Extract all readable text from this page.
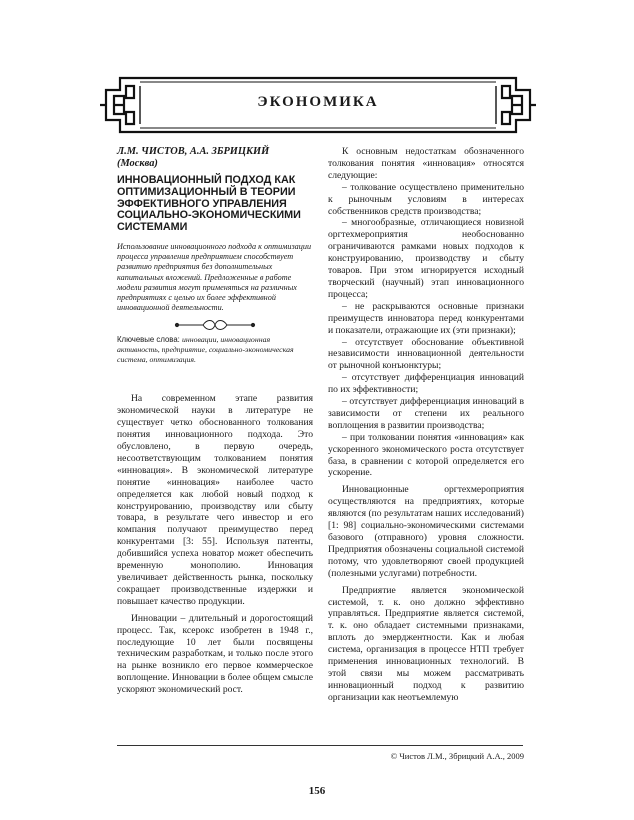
ЭКОНОМИКА
Л.М. ЧИСТОВ, А.А. ЗБРИЦКИЙ
(Москва)
ИННОВАЦИОННЫЙ ПОДХОД КАК ОПТИМИЗАЦИОННЫЙ В ТЕОРИИ ЭФФЕКТИВНОГО УПРАВЛЕНИЯ СОЦИАЛЬНО-ЭКОНОМИЧЕСКИМИ СИСТЕМАМИ
Использование инновационного подхода к оптимизации процесса управления предприятием способствует развитию предприятия без дополнительных капитальных вложений. Предложенные в работе модели развития могут применяться на различных предприятиях с целью их более эффективной инновационной деятельности.
Ключевые слова: инновации, инновационная активность, предприятие, социально-экономическая система, оптимизация.

На современном этапе развития экономической науки в литературе не существует четко обоснованного толкования понятия инновационного подхода. Это обусловлено, в первую очередь, несоответствующим толкованием понятия «инновация». В экономической литературе понятие «инновация» наиболее часто определяется как любой новый подход к конструированию, производству или сбыту товара, в результате чего инвестор и его компания получают преимущество перед конкурентами [3: 55]. Используя патенты, добившийся успеха новатор может обеспечить временную монополию. Инновация увеличивает действенность рынка, поскольку сокращает производственные издержки и повышает качество продукции.

Инновации – длительный и дорогостоящий процесс. Так, ксерокс изобретен в 1948 г., последующие 10 лет были посвящены техническим разработкам, и только после этого на рынке возникло его первое коммерческое воплощение. Инновации в более общем смысле ускоряют экономический рост.

К основным недостаткам обозначенного толкования понятия «инновация» относятся следующие:

– толкование осуществлено применительно к рыночным условиям в интересах собственников средств производства;

– многообразные, отличающиеся новизной оргтехмероприятия необоснованно ограничиваются рамками новых подходов к конструированию, производству и сбыту товаров. При этом игнорируется исходный творческий (научный) этап инновационного процесса;

– не раскрываются основные признаки преимуществ инноватора перед конкурентами и показатели, отражающие их (эти признаки);

– отсутствует обоснование объективной независимости инновационной деятельности от рыночной конъюнктуры;

– отсутствует дифференциация инноваций по их эффективности;

– отсутствует дифференциация инноваций в зависимости от степени их реального воплощения в развитии производства;

– при толковании понятия «инновация» как ускоренного экономического роста отсутствует база, в сравнении с которой определяется его ускорение.

Инновационные оргтехмероприятия осуществляются на предприятиях, которые являются (по результатам наших исследований) [1: 98] социально-экономическими системами базового (отправного) уровня сложности. Предприятия обозначены социальной системой потому, что удовлетворяют своей продукцией (полезными услугами) потребности.

Предприятие является экономической системой, т. к. оно должно эффективно управляться. Предприятие является системой, т. к. оно обладает системными признаками, вплоть до эмерджентности. Как и любая система, организация в процессе НТП требует применения инновационных технологий. В этой связи мы можем рассматривать инновационный подход к развитию организации как неотъемлемую

© Чистов Л.М., Збрицкий А.А., 2009
156
